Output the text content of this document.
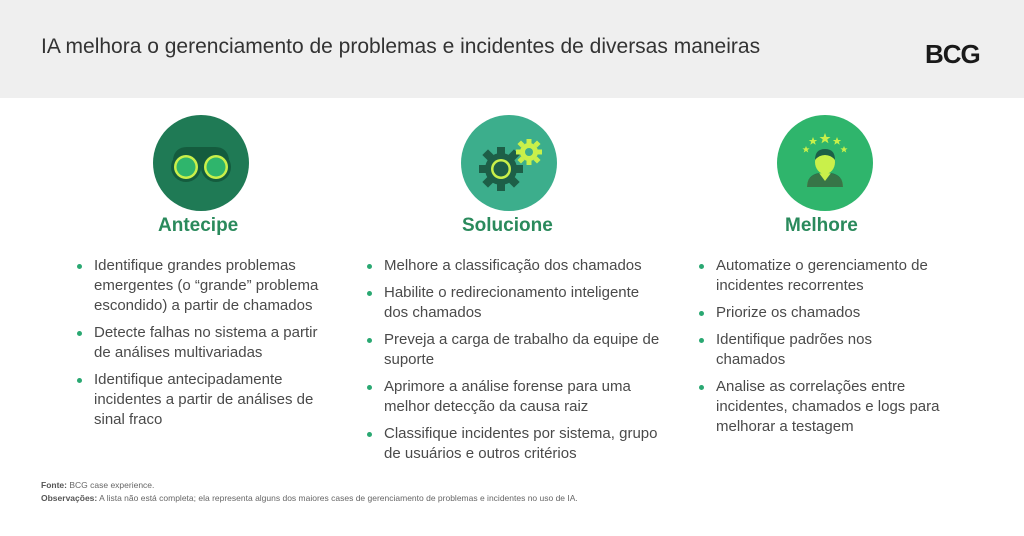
IA melhora o gerenciamento de problemas e incidentes de diversas maneiras	BCG
Antecipe
Identifique grandes problemas emergentes (o “grande” problema escondido) a partir de chamados
Detecte falhas no sistema a partir de análises multivariadas
Identifique antecipadamente incidentes a partir de análises de sinal fraco
Solucione
Melhore a classificação dos chamados
Habilite o redirecionamento inteligente dos chamados
Preveja a carga de trabalho da equipe de suporte
Aprimore a análise forense para uma melhor detecção da causa raiz
Classifique incidentes por sistema, grupo de usuários e outros critérios
Melhore
Automatize o gerenciamento de incidentes recorrentes
Priorize os chamados
Identifique padrões nos chamados
Analise as correlações entre incidentes, chamados e logs para melhorar a testagem
Fonte: BCG case experience.
Observações: A lista não está completa; ela representa alguns dos maiores cases de gerenciamento de problemas e incidentes no uso de IA.
